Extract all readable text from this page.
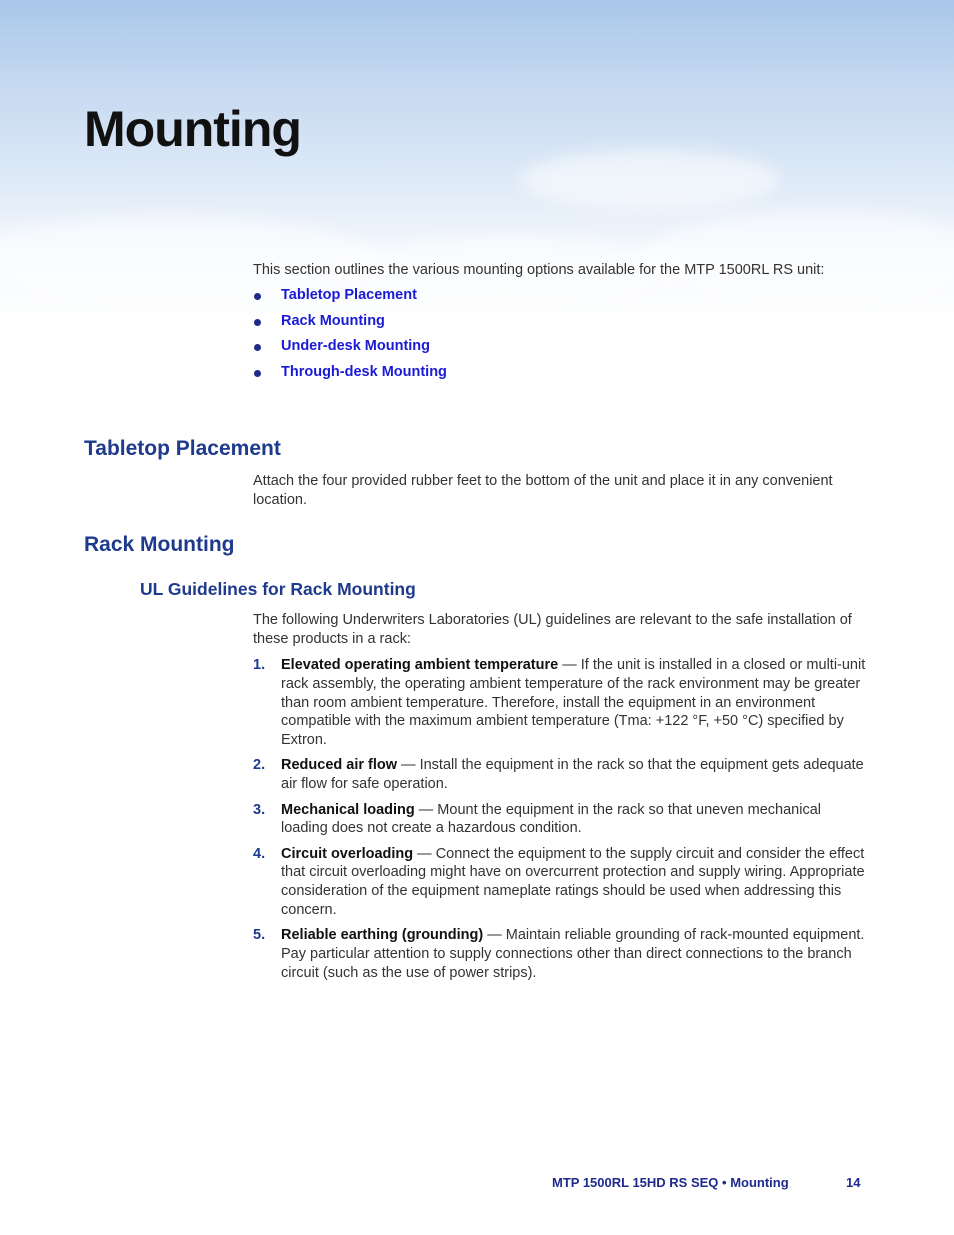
Mounting
This section outlines the various mounting options available for the MTP 1500RL RS unit:
Tabletop Placement
Rack Mounting
Under-desk Mounting
Through-desk Mounting
Tabletop Placement

Attach the four provided rubber feet to the bottom of the unit and place it in any convenient location.

Rack Mounting
UL Guidelines for Rack Mounting

The following Underwriters Laboratories (UL) guidelines are relevant to the safe installation of these products in a rack:

1. Elevated operating ambient temperature — If the unit is installed in a closed or multi-unit rack assembly, the operating ambient temperature of the rack environment may be greater than room ambient temperature. Therefore, install the equipment in an environment compatible with the maximum ambient temperature (Tma: +122 °F, +50 °C) specified by Extron.
2. Reduced air flow — Install the equipment in the rack so that the equipment gets adequate air flow for safe operation.
3. Mechanical loading — Mount the equipment in the rack so that uneven mechanical loading does not create a hazardous condition.
4. Circuit overloading — Connect the equipment to the supply circuit and consider the effect that circuit overloading might have on overcurrent protection and supply wiring. Appropriate consideration of the equipment nameplate ratings should be used when addressing this concern.
5. Reliable earthing (grounding) — Maintain reliable grounding of rack-mounted equipment. Pay particular attention to supply connections other than direct connections to the branch circuit (such as the use of power strips).
MTP 1500RL 15HD RS SEQ • Mounting	14
